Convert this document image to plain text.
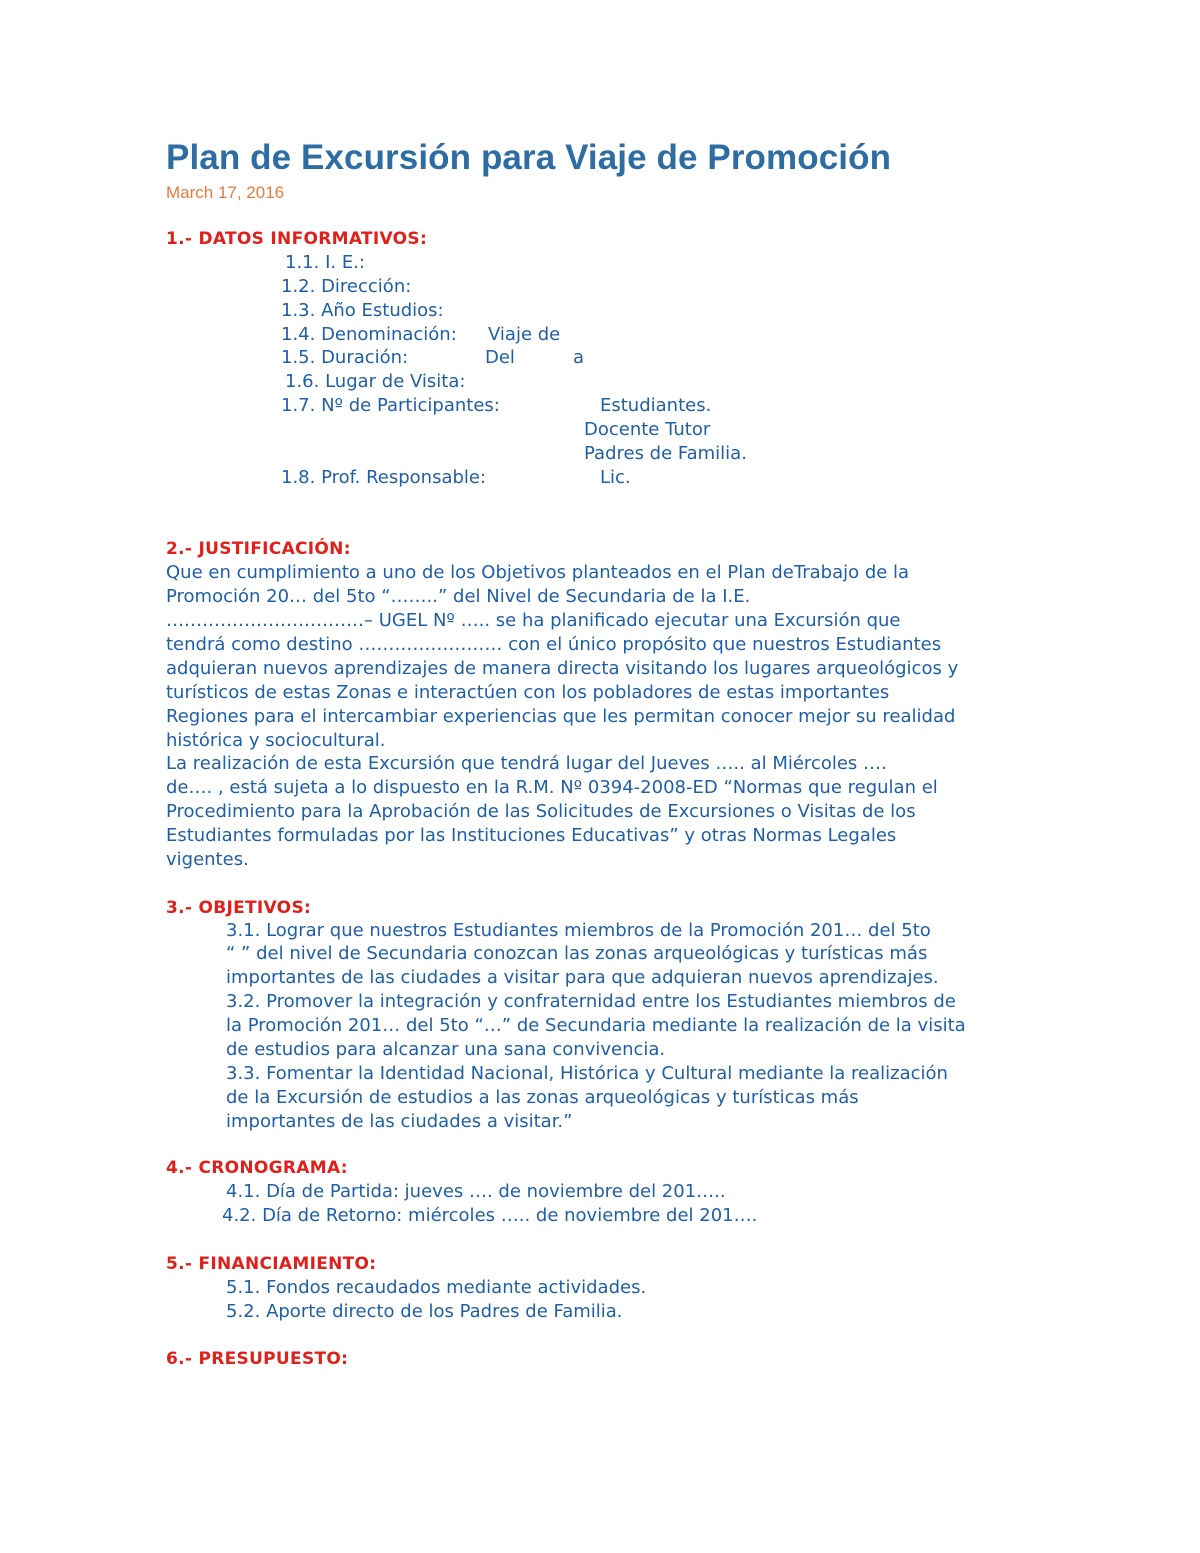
Plan de Excursión para Viaje de Promoción
March 17, 2016
1.- DATOS INFORMATIVOS:
1.1. I. E.:
1.2. Dirección:
1.3. Año Estudios:
1.4. Denominación: Viaje de
1.5. Duración:	Del	a
1.6. Lugar de Visita:
1.7. Nº de Participantes:	Estudiantes.
Docente Tutor
Padres de Familia.
1.8. Prof. Responsable:	Lic.
2.- JUSTIFICACIÓN:
Que en cumplimiento a uno de los Objetivos planteados en el Plan deTrabajo de la
Promoción 20… del 5to “……..” del Nivel de Secundaria de la I.E.
……………………………– UGEL Nº ….. se ha planificado ejecutar una Excursión que
tendrá como destino …………………… con el único propósito que nuestros Estudiantes
adquieran nuevos aprendizajes de manera directa visitando los lugares arqueológicos y
turísticos de estas Zonas e interactúen con los pobladores de estas importantes
Regiones para el intercambiar experiencias que les permitan conocer mejor su realidad
histórica y sociocultural.
La realización de esta Excursión que tendrá lugar del Jueves ….. al Miércoles ….
de…. , está sujeta a lo dispuesto en la R.M. Nº 0394-2008-ED “Normas que regulan el
Procedimiento para la Aprobación de las Solicitudes de Excursiones o Visitas de los
Estudiantes formuladas por las Instituciones Educativas” y otras Normas Legales
vigentes.
3.- OBJETIVOS:
3.1. Lograr que nuestros Estudiantes miembros de la Promoción 201… del 5to
“ ” del nivel de Secundaria conozcan las zonas arqueológicas y turísticas más
importantes de las ciudades a visitar para que adquieran nuevos aprendizajes.
3.2. Promover la integración y confraternidad entre los Estudiantes miembros de
la Promoción 201… del 5to “…” de Secundaria mediante la realización de la visita
de estudios para alcanzar una sana convivencia.
3.3. Fomentar la Identidad Nacional, Histórica y Cultural mediante la realización
de la Excursión de estudios a las zonas arqueológicas y turísticas más
importantes de las ciudades a visitar.”
4.- CRONOGRAMA:
4.1. Día de Partida: jueves …. de noviembre del 201…..
4.2. Día de Retorno: miércoles ….. de noviembre del 201….
5.- FINANCIAMIENTO:
5.1. Fondos recaudados mediante actividades.
5.2. Aporte directo de los Padres de Familia.
6.- PRESUPUESTO:
